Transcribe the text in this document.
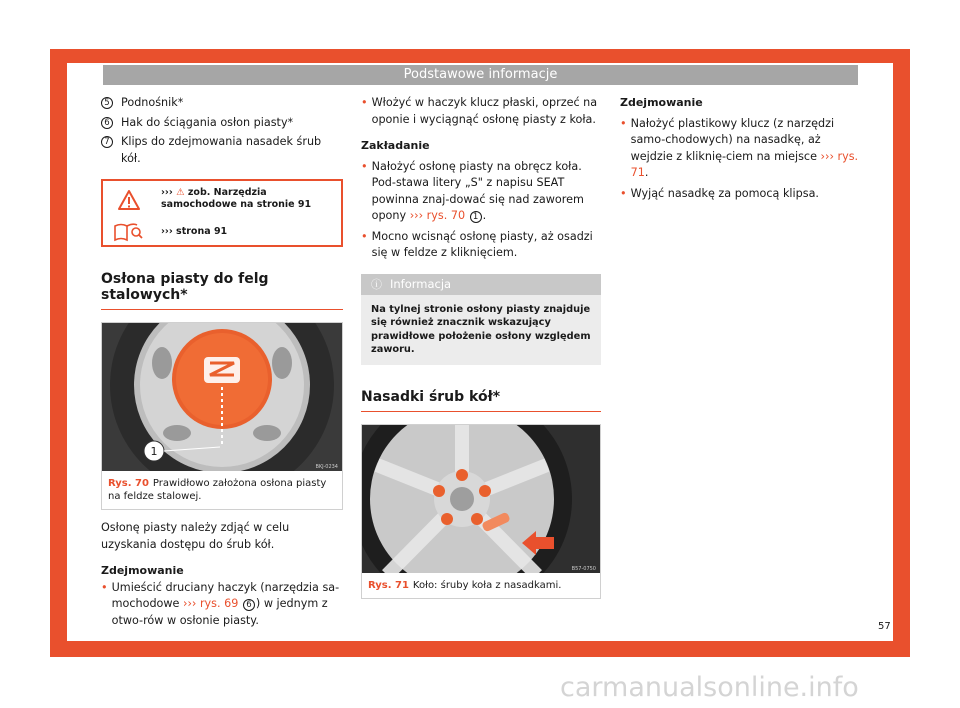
Podstawowe informacje
5 Podnośnik*
6 Hak do ściągania osłon piasty*
7 Klips do zdejmowania nasadek śrub kół.
››› ⚠ zob. Narzędzia samochodowe na stronie 91
››› strona 91
Osłona piasty do felg stalowych*
1
BKJ-0234
Rys. 70 Prawidłowo założona osłona piasty na feldze stalowej.

Osłonę piasty należy zdjąć w celu uzyskania dostępu do śrub kół.

Zdejmowanie

• Umieścić druciany haczyk (narzędzia sa-mochodowe ››› rys. 69 6 ) w jednym z otwo-rów w osłonie piasty.

• Włożyć w haczyk klucz płaski, oprzeć na oponie i wyciągnąć osłonę piasty z koła.

Zakładanie

• Nałożyć osłonę piasty na obręcz koła. Pod-stawa litery „S" z napisu SEAT powinna znaj-dować się nad zaworem opony ››› rys. 70 1 .

• Mocno wcisnąć osłonę piasty, aż osadzi się w feldze z kliknięciem.

ⓘ Informacja
Na tylnej stronie osłony piasty znajduje się również znacznik wskazujący prawidłowe położenie osłony względem zaworu.
Nasadki śrub kół*
B57-0750
Rys. 71 Koło: śruby koła z nasadkami.

Zdejmowanie

• Nałożyć plastikowy klucz (z narzędzi samo-chodowych) na nasadkę, aż wejdzie z kliknię-ciem na miejsce ››› rys. 71.

• Wyjąć nasadkę za pomocą klipsa.

57
carmanualsonline.info
